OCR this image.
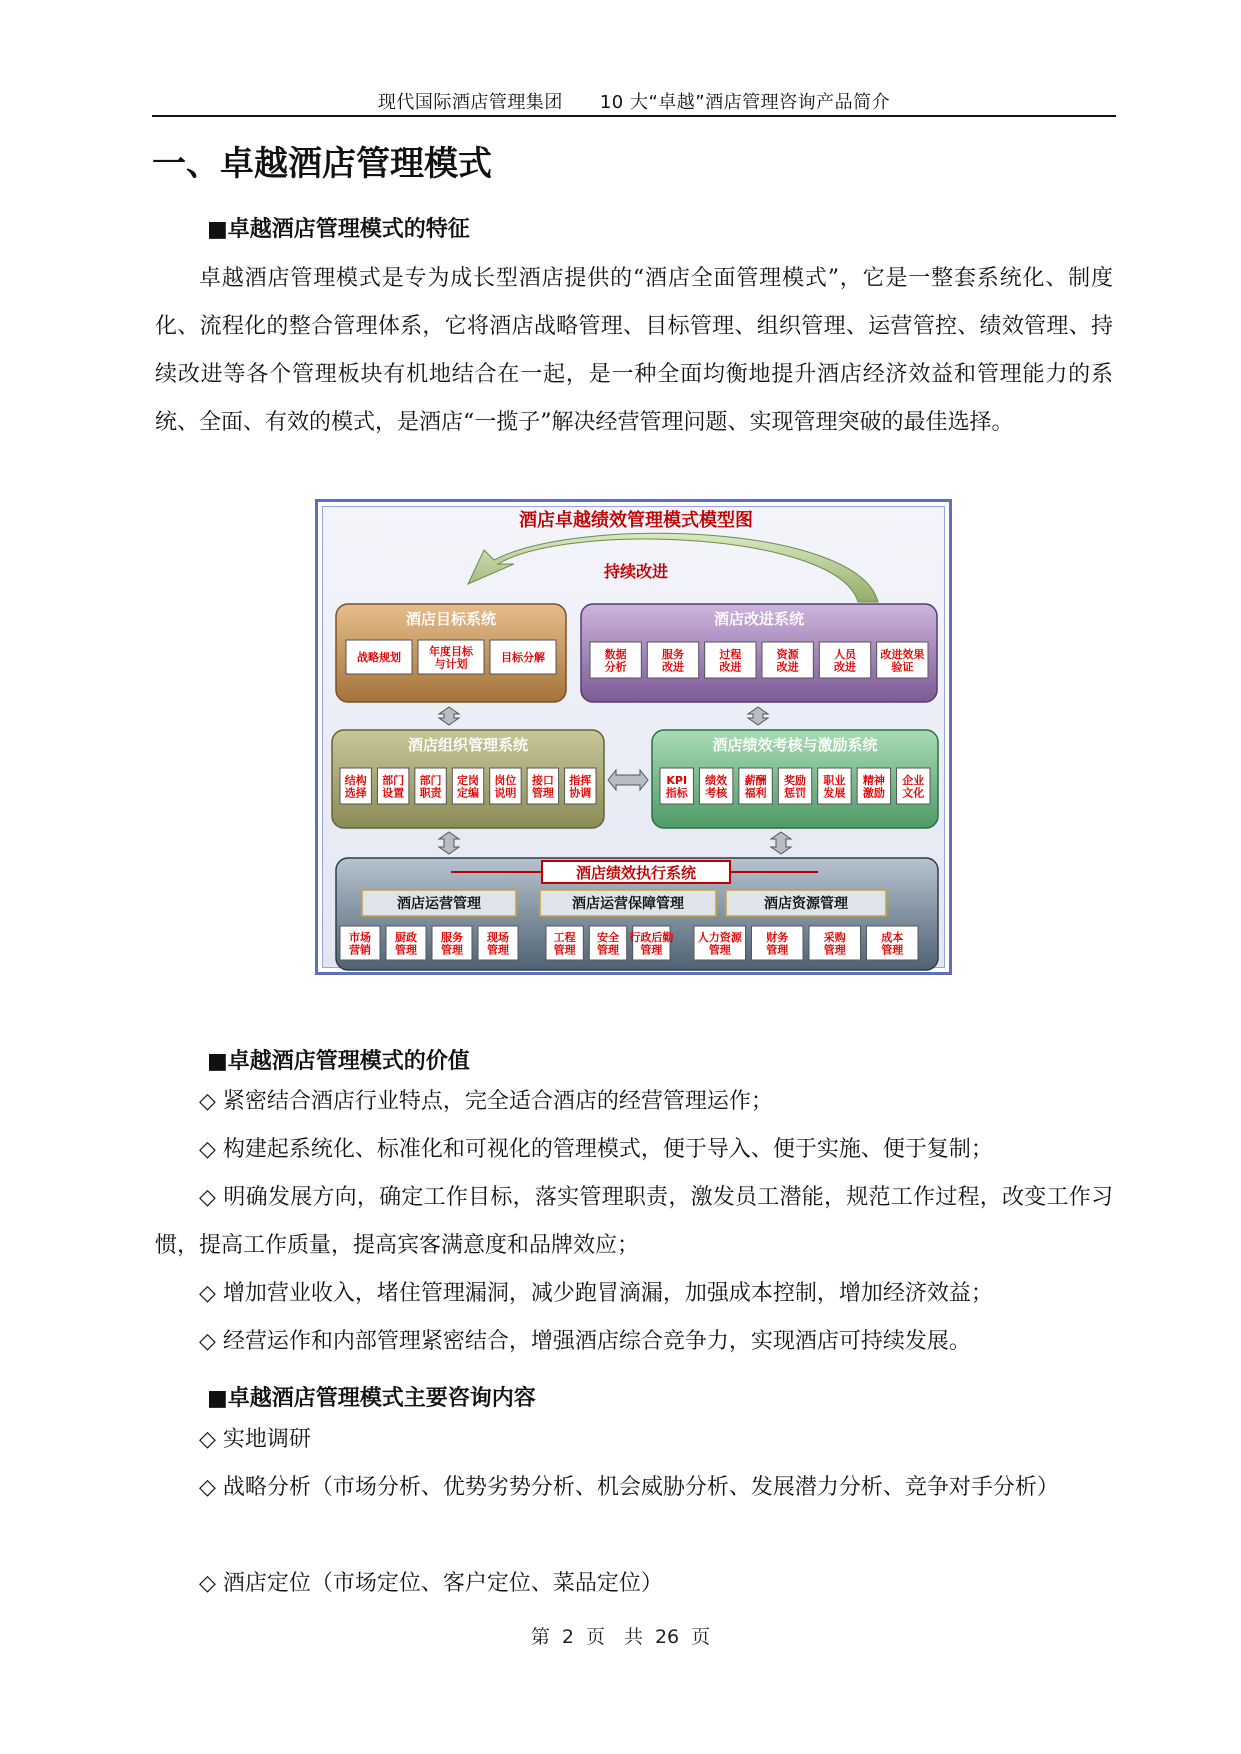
现代国际酒店管理集团　　10 大“卓越”酒店管理咨询产品简介
一、卓越酒店管理模式
■卓越酒店管理模式的特征

卓越酒店管理模式是专为成长型酒店提供的“酒店全面管理模式”，它是一整套系统化、制度化、流程化的整合管理体系，它将酒店战略管理、目标管理、组织管理、运营管控、绩效管理、持续改进等各个管理板块有机地结合在一起，是一种全面均衡地提升酒店经济效益和管理能力的系统、全面、有效的模式，是酒店“一揽子”解决经营管理问题、实现管理突破的最佳选择。

酒店卓越绩效管理模式模型图
持续改进
酒店目标系统
战略规划	年度目标与计划	目标分解
酒店改进系统
数据分析
服务改进
过程改进
资源改进
人员改进
改进效果验证
酒店组织管理系统
结构选择
部门设置
部门职责
定岗定编
岗位说明
接口管理
指挥协调
酒店绩效考核与激励系统
KPI 指标
绩效考核
薪酬福利
奖励惩罚
职业发展
精神激励
企业文化
酒店绩效执行系统
酒店运营管理
市场营销
厨政管理
服务管理
现场管理
酒店运营保障管理
工程管理
安全管理
行政后勤管理
酒店资源管理
人力资源管理
财务管理
采购管理
成本管理
■卓越酒店管理模式的价值

◇ 紧密结合酒店行业特点，完全适合酒店的经营管理运作；

◇ 构建起系统化、标准化和可视化的管理模式，便于导入、便于实施、便于复制；

◇ 明确发展方向，确定工作目标，落实管理职责，激发员工潜能，规范工作过程，改变工作习惯，提高工作质量，提高宾客满意度和品牌效应；

◇ 增加营业收入，堵住管理漏洞，减少跑冒滴漏，加强成本控制，增加经济效益；

◇ 经营运作和内部管理紧密结合，增强酒店综合竞争力，实现酒店可持续发展。

■卓越酒店管理模式主要咨询内容

◇ 实地调研

◇ 战略分析（市场分析、优势劣势分析、机会威胁分析、发展潜力分析、竞争对手分析）

◇ 酒店定位（市场定位、客户定位、菜品定位）

第 2 页　共 26 页
